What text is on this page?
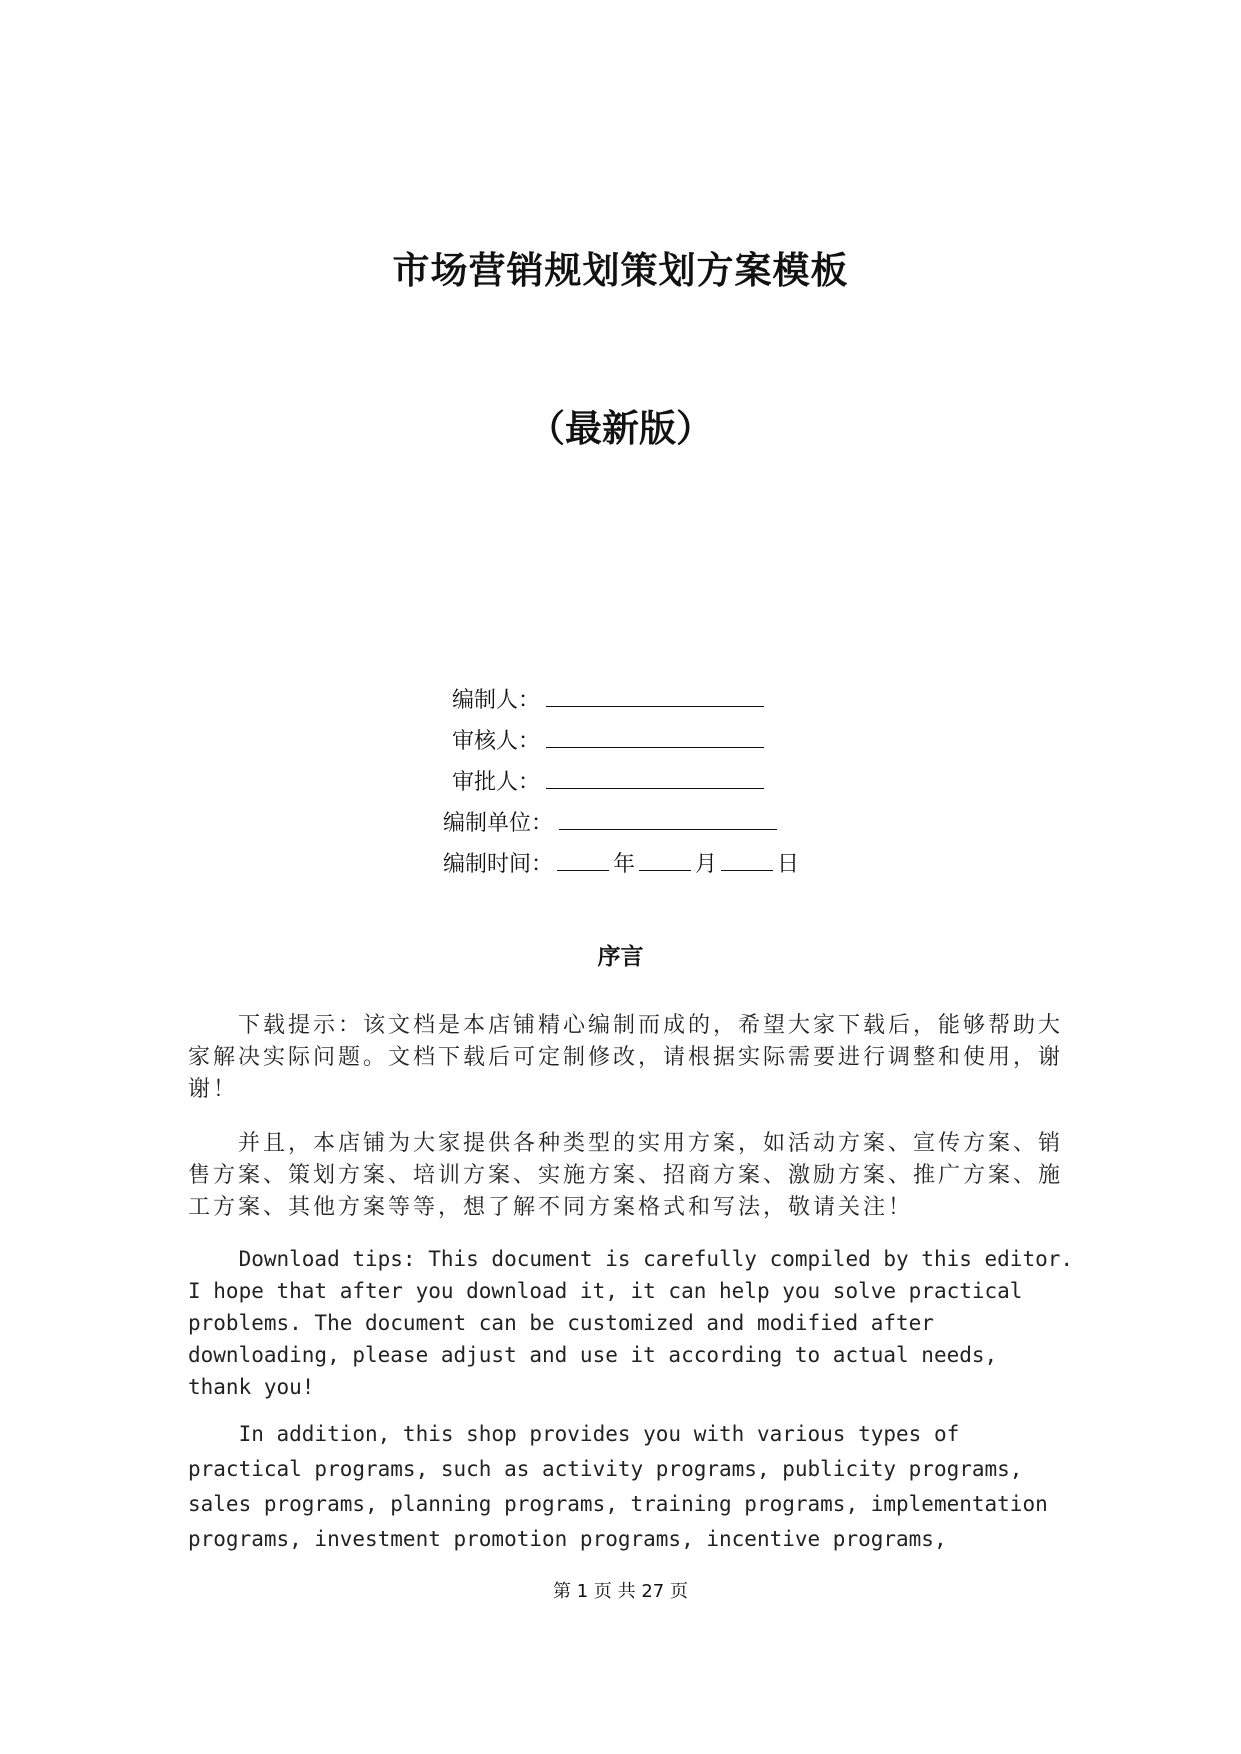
市场营销规划策划方案模板
（最新版）
编制人：
审核人：
审批人：
编制单位：
编制时间：	年	月	日
序言
　　下载提示：该文档是本店铺精心编制而成的，希望大家下载后，能够帮助大
家解决实际问题。文档下载后可定制修改，请根据实际需要进行调整和使用，谢
谢！
　　并且，本店铺为大家提供各种类型的实用方案，如活动方案、宣传方案、销
售方案、策划方案、培训方案、实施方案、招商方案、激励方案、推广方案、施
工方案、其他方案等等，想了解不同方案格式和写法，敬请关注！
Download tips: This document is carefully compiled by this editor.
I hope that after you download it, it can help you solve practical
problems. The document can be customized and modified after
downloading, please adjust and use it according to actual needs,
thank you!
In addition, this shop provides you with various types of
practical programs, such as activity programs, publicity programs,
sales programs, planning programs, training programs, implementation
programs, investment promotion programs, incentive programs,
第 1 页 共 27 页
